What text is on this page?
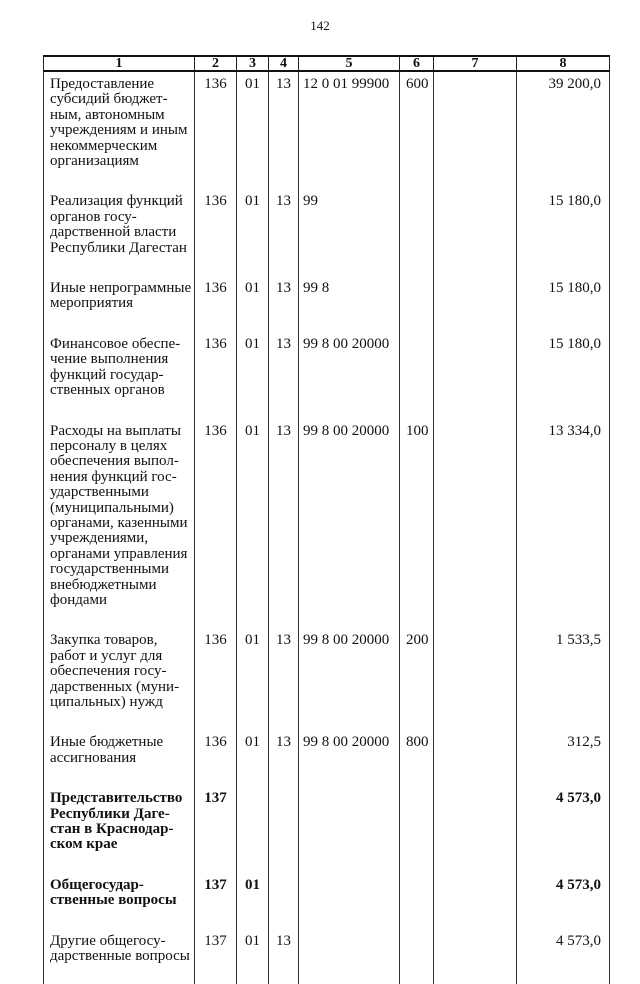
142
1	2	3	4	5	6	7	8
Предоставление субсидий бюджетным, автономным учреждениям и иным некоммерческим организациям	136	01	13	12 0 01 99900	600		39 200,0
Реализация функций органов государственной власти Республики Дагестан	136	01	13	99			15 180,0
Иные непрограммные мероприятия	136	01	13	99 8			15 180,0
Финансовое обеспечение выполнения функций государственных органов	136	01	13	99 8 00 20000			15 180,0
Расходы на выплаты персоналу в целях обеспечения выполнения функций государственными (муниципальными) органами, казенными учреждениями, органами управления государственными внебюджетными фондами	136	01	13	99 8 00 20000	100		13 334,0
Закупка товаров, работ и услуг для обеспечения государственных (муниципальных) нужд	136	01	13	99 8 00 20000	200		1 533,5
Иные бюджетные ассигнования	136	01	13	99 8 00 20000	800		312,5
Представительство Республики Дагестан в Краснодарском крае	137						4 573,0
Общегосударственные вопросы	137	01					4 573,0
Другие общегосударственные вопросы	137	01	13				4 573,0
